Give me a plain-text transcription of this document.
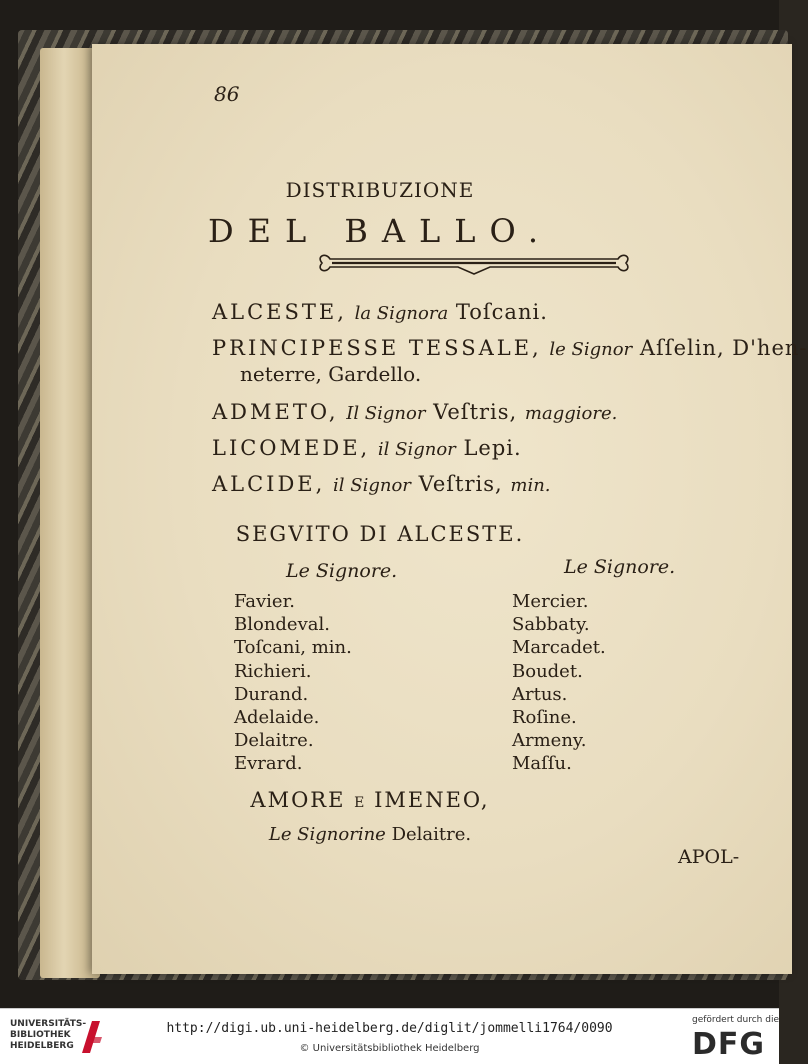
86
DISTRIBUZIONE
DEL BALLO.
ALCESTE, la Signora Toſcani.
PRINCIPESSE TESSALE, le Signor Aſſelin, D'hen-
neterre, Gardello.
ADMETO, Il Signor Veſtris, maggiore.
LICOMEDE, il Signor Lepi.
ALCIDE, il Signor Veſtris, min.
SEGVITO DI ALCESTE.
Le Signore.	Le Signore.
Favier.
Blondeval.
Toſcani, min.
Richieri.
Durand.
Adelaide.
Delaitre.
Evrard.
Mercier.
Sabbaty.
Marcadet.
Boudet.
Artus.
Roſine.
Armeny.
Maſſu.
AMORE E IMENEO,
Le Signorine Delaitre.
APOL-
UNIVERSITÄTS-
BIBLIOTHEK
HEIDELBERG
http://digi.ub.uni-heidelberg.de/diglit/jommelli1764/0090
© Universitätsbibliothek Heidelberg
gefördert durch die
DFG
